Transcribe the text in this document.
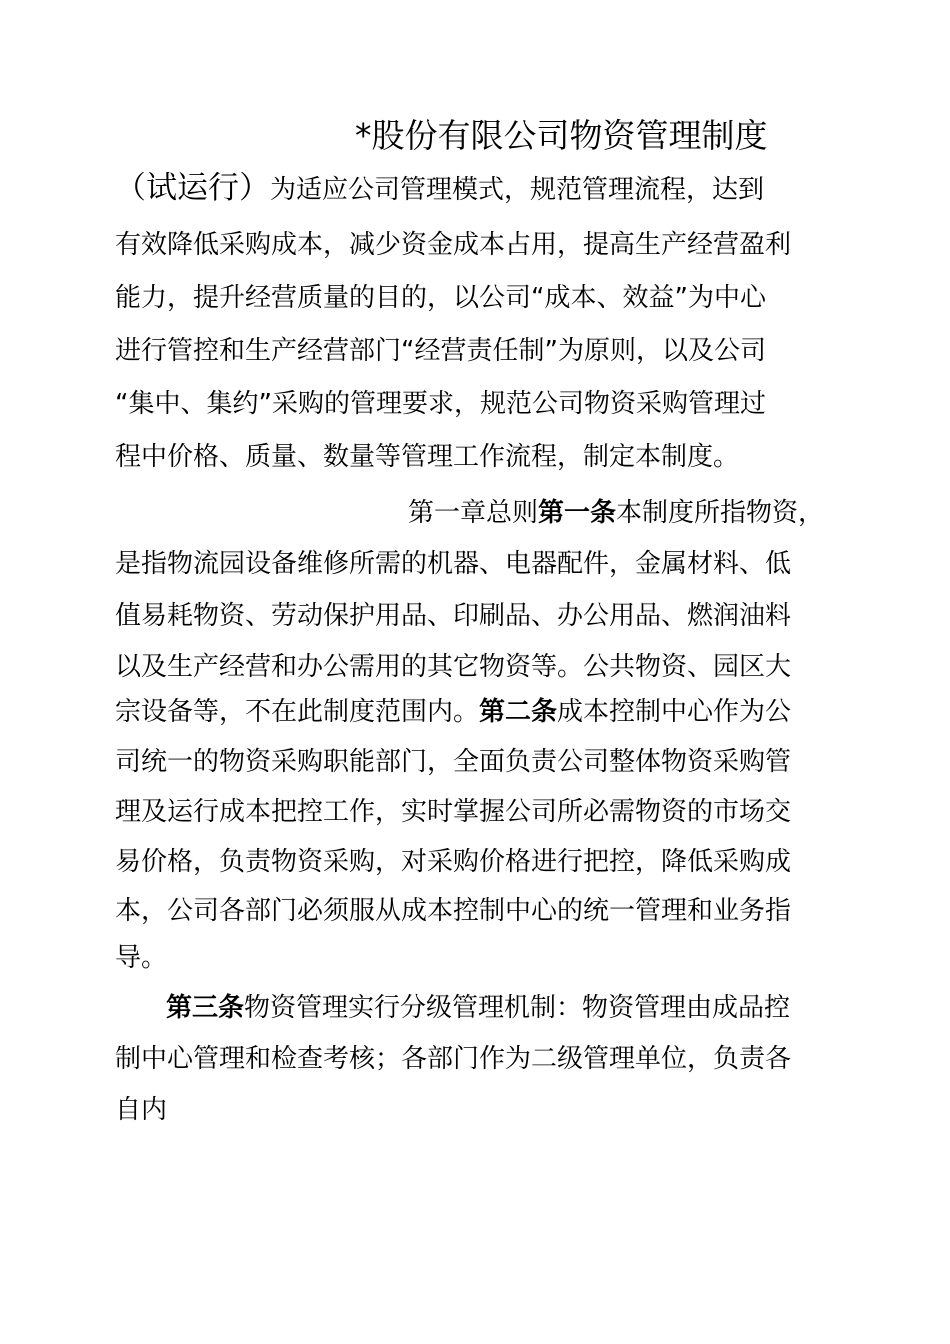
*股份有限公司物资管理制度
（试运行）为适应公司管理模式，规范管理流程，达到
有效降低采购成本，减少资金成本占用，提高生产经营盈利
能力，提升经营质量的目的，以公司“成本、效益”为中心
进行管控和生产经营部门“经营责任制”为原则，以及公司
“集中、集约”采购的管理要求，规范公司物资采购管理过
程中价格、质量、数量等管理工作流程，制定本制度。
第一章总则第一条本制度所指物资，
是指物流园设备维修所需的机器、电器配件，金属材料、低
值易耗物资、劳动保护用品、印刷品、办公用品、燃润油料
以及生产经营和办公需用的其它物资等。公共物资、园区大
宗设备等，不在此制度范围内。第二条成本控制中心作为公
司统一的物资采购职能部门，全面负责公司整体物资采购管
理及运行成本把控工作，实时掌握公司所必需物资的市场交
易价格，负责物资采购，对采购价格进行把控，降低采购成
本，公司各部门必须服从成本控制中心的统一管理和业务指
导。
第三条物资管理实行分级管理机制：物资管理由成品控
制中心管理和检查考核；各部门作为二级管理单位，负责各
自内
